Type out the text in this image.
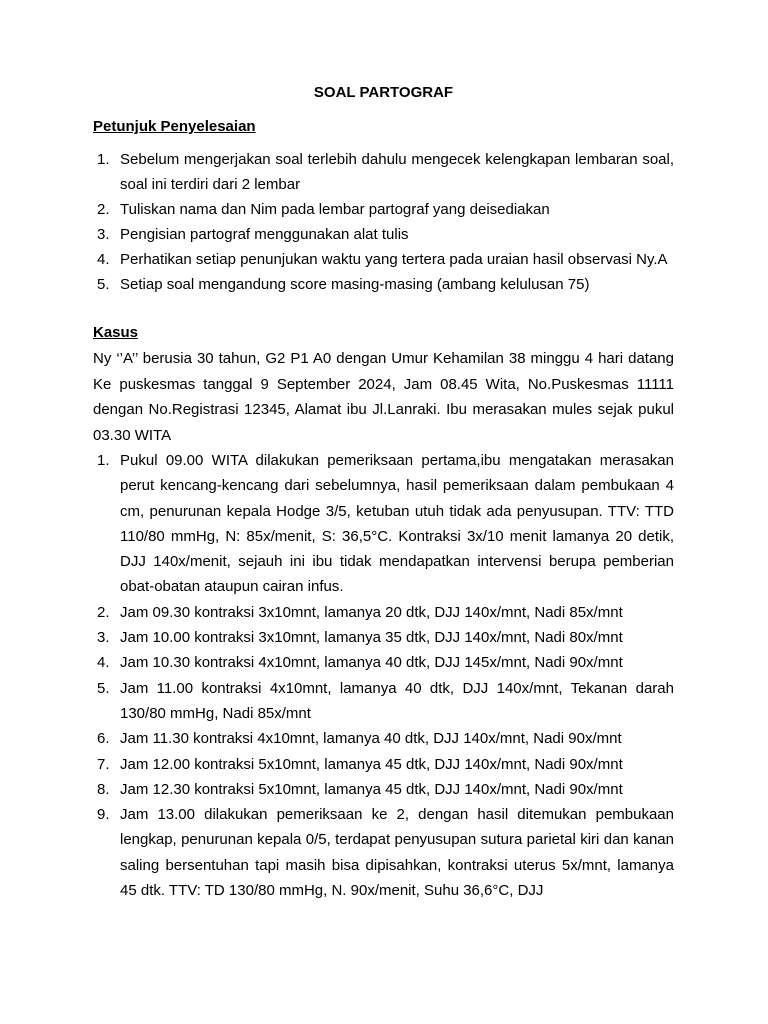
SOAL PARTOGRAF
Petunjuk Penyelesaian
1. Sebelum mengerjakan soal terlebih dahulu mengecek kelengkapan lembaran soal, soal ini terdiri dari 2 lembar
2. Tuliskan nama dan Nim pada lembar partograf yang deisediakan
3. Pengisian partograf menggunakan alat tulis
4. Perhatikan setiap penunjukan waktu yang tertera pada uraian hasil observasi Ny.A
5. Setiap soal mengandung score masing-masing (ambang kelulusan 75)
Kasus

Ny ‘’A’’ berusia 30 tahun, G2 P1 A0 dengan Umur Kehamilan 38 minggu 4 hari datang Ke puskesmas tanggal 9 September 2024, Jam 08.45 Wita, No.Puskesmas 11111 dengan No.Registrasi 12345, Alamat ibu Jl.Lanraki. Ibu merasakan mules sejak pukul 03.30 WITA

1. Pukul 09.00 WITA dilakukan pemeriksaan pertama,ibu mengatakan merasakan perut kencang-kencang dari sebelumnya, hasil pemeriksaan dalam pembukaan 4 cm, penurunan kepala Hodge 3/5, ketuban utuh tidak ada penyusupan. TTV: TTD 110/80 mmHg, N: 85x/menit, S: 36,5°C. Kontraksi 3x/10 menit lamanya 20 detik, DJJ 140x/menit, sejauh ini ibu tidak mendapatkan intervensi berupa pemberian obat-obatan ataupun cairan infus.
2. Jam 09.30 kontraksi 3x10mnt, lamanya 20 dtk, DJJ 140x/mnt, Nadi 85x/mnt
3. Jam 10.00 kontraksi 3x10mnt, lamanya 35 dtk, DJJ 140x/mnt, Nadi 80x/mnt
4. Jam 10.30 kontraksi 4x10mnt, lamanya 40 dtk, DJJ 145x/mnt, Nadi 90x/mnt
5. Jam 11.00 kontraksi 4x10mnt, lamanya 40 dtk, DJJ 140x/mnt, Tekanan darah 130/80 mmHg, Nadi 85x/mnt
6. Jam 11.30 kontraksi 4x10mnt, lamanya 40 dtk, DJJ 140x/mnt, Nadi 90x/mnt
7. Jam 12.00 kontraksi 5x10mnt, lamanya 45 dtk, DJJ 140x/mnt, Nadi 90x/mnt
8. Jam 12.30 kontraksi 5x10mnt, lamanya 45 dtk, DJJ 140x/mnt, Nadi 90x/mnt
9. Jam 13.00 dilakukan pemeriksaan ke 2, dengan hasil ditemukan pembukaan lengkap, penurunan kepala 0/5, terdapat penyusupan sutura parietal kiri dan kanan saling bersentuhan tapi masih bisa dipisahkan, kontraksi uterus 5x/mnt, lamanya 45 dtk. TTV: TD 130/80 mmHg, N. 90x/menit, Suhu 36,6°C, DJJ
